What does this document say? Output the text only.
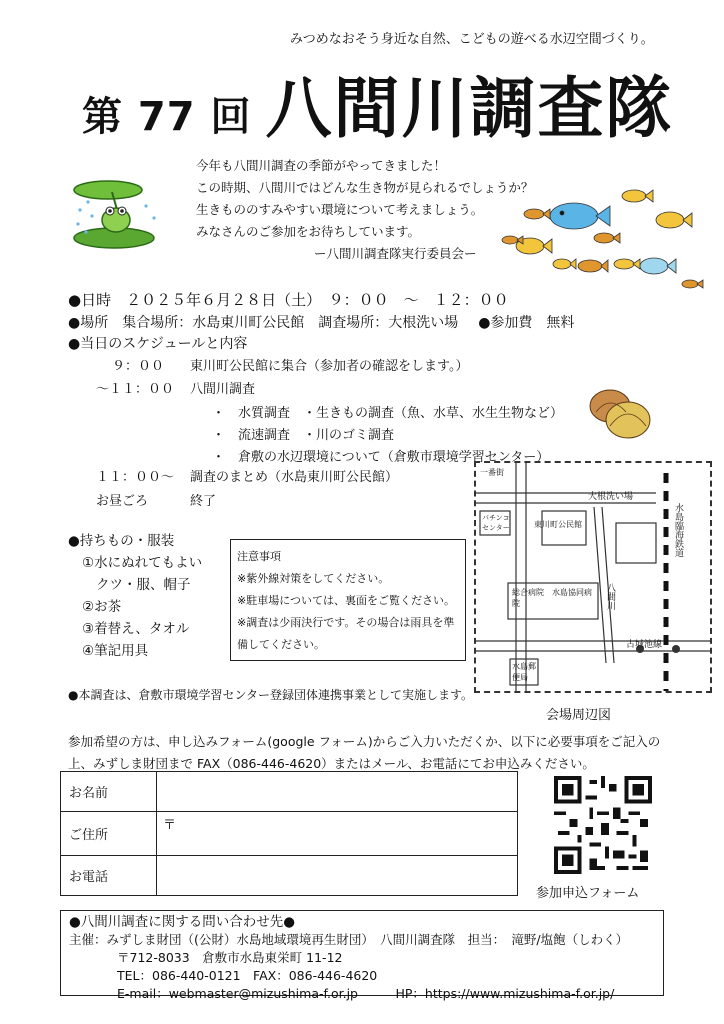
みつめなおそう身近な自然、こどもの遊べる水辺空間づくり。
第 77 回 八間川調査隊
今年も八間川調査の季節がやってきました！
この時期、八間川ではどんな生き物が見られるでしょうか？
生きもののすみやすい環境について考えましょう。
みなさんのご参加をお待ちしています。
ー八間川調査隊実行委員会ー
●日時　２０２５年６月２８日（土）　９：００　～　１２：００
●場所　集合場所：水島東川町公民館　調査場所：大根洗い場 ●参加費　無料
●当日のスケジュールと内容
９：００ 東川町公民館に集合（参加者の確認をします。）
～１１：００ 八間川調査
・　水質調査　・生きもの調査（魚、水草、水生生物など）
・　流速調査　・川のゴミ調査
・　倉敷の水辺環境について（倉敷市環境学習センター）
１１：００～ 調査のまとめ（水島東川町公民館）
お昼ごろ	終了
●持ちもの・服装
①水にぬれてもよい
クツ・服、帽子
②お茶
③着替え、タオル
④筆記用具
注意事項
※紫外線対策をしてください。
※駐車場については、裏面をご覧ください。
※調査は少雨決行です。その場合は雨具を準備してください。
大根洗い場
水島臨海鉄道
八間川
総合病院　水島協同病院
東川町公民館
古城池線
水島郵便局
パチンコ　センター
一番街
会場周辺図
●本調査は、倉敷市環境学習センター登録団体連携事業として実施します。
参加希望の方は、申し込みフォーム(google フォーム)からご入力いただくか、以下に必要事項をご記入の上、みずしま財団まで FAX（086-446-4620）またはメール、お電話にてお申込みください。
お名前	
ご住所	〒
お電話	
参加申込フォーム
●八間川調査に関する問い合わせ先●
主催：みずしま財団（(公財）水島地域環境再生財団）　八間川調査隊　担当：　滝野/塩飽（しわく）
〒712-8033　倉敷市水島東栄町 11-12
TEL：086-440-0121　FAX：086-446-4620
E-mail：webmaster@mizushima-f.or.jp　　　HP：https://www.mizushima-f.or.jp/
